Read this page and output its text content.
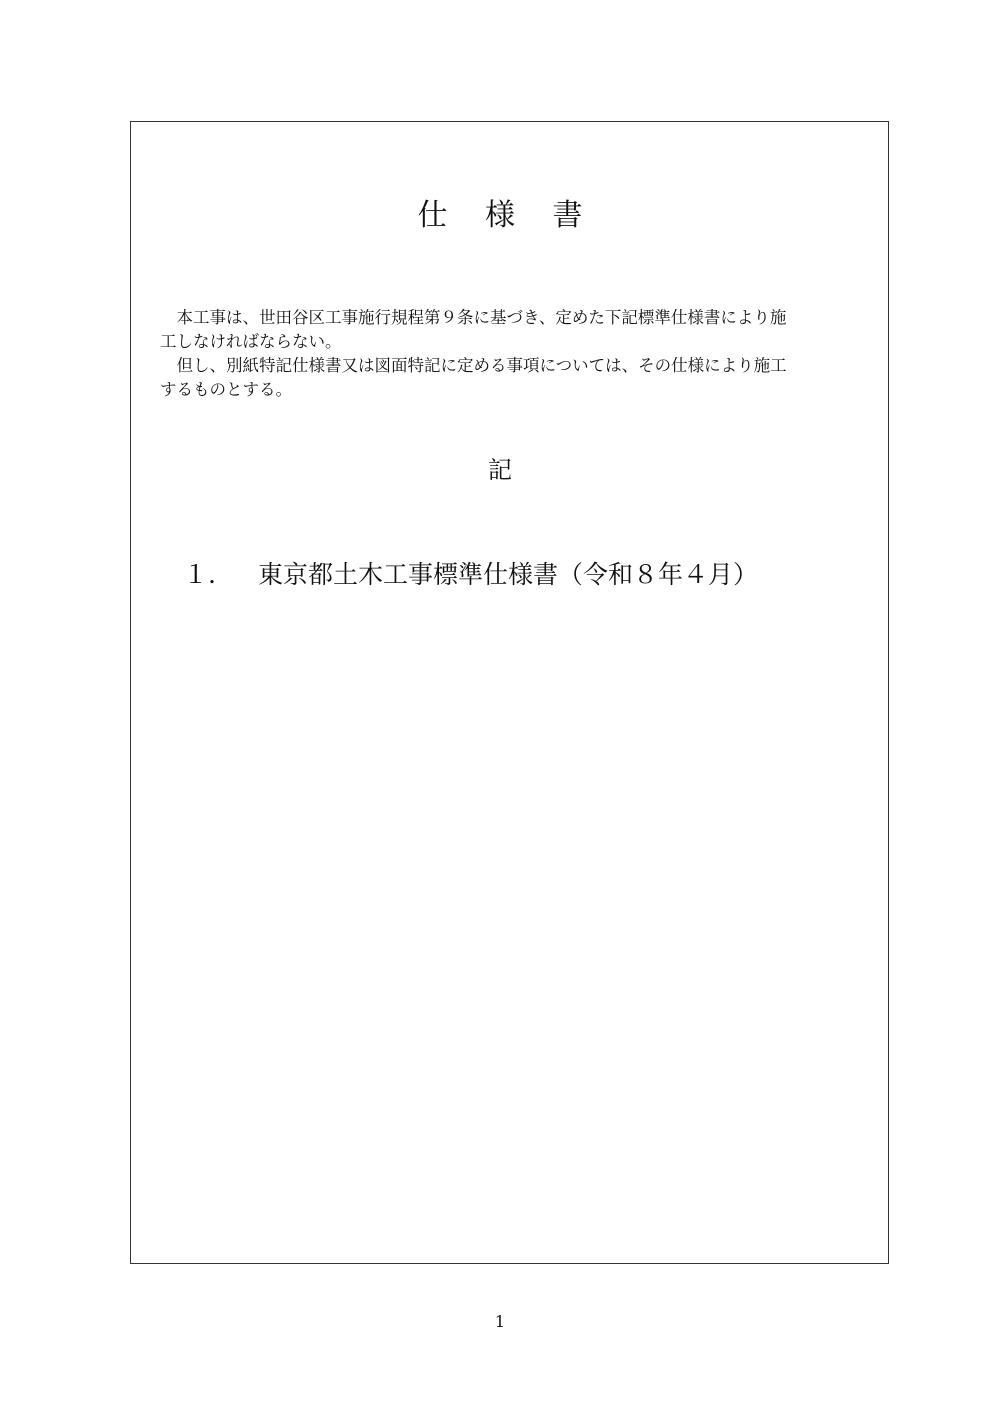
仕 様 書
　本工事は、世田谷区工事施行規程第９条に基づき、定めた下記標準仕様書により施
工しなければならない。
　但し、別紙特記仕様書又は図面特記に定める事項については、その仕様により施工
するものとする。
記
１. 東京都土木工事標準仕様書（令和８年４月）
1
